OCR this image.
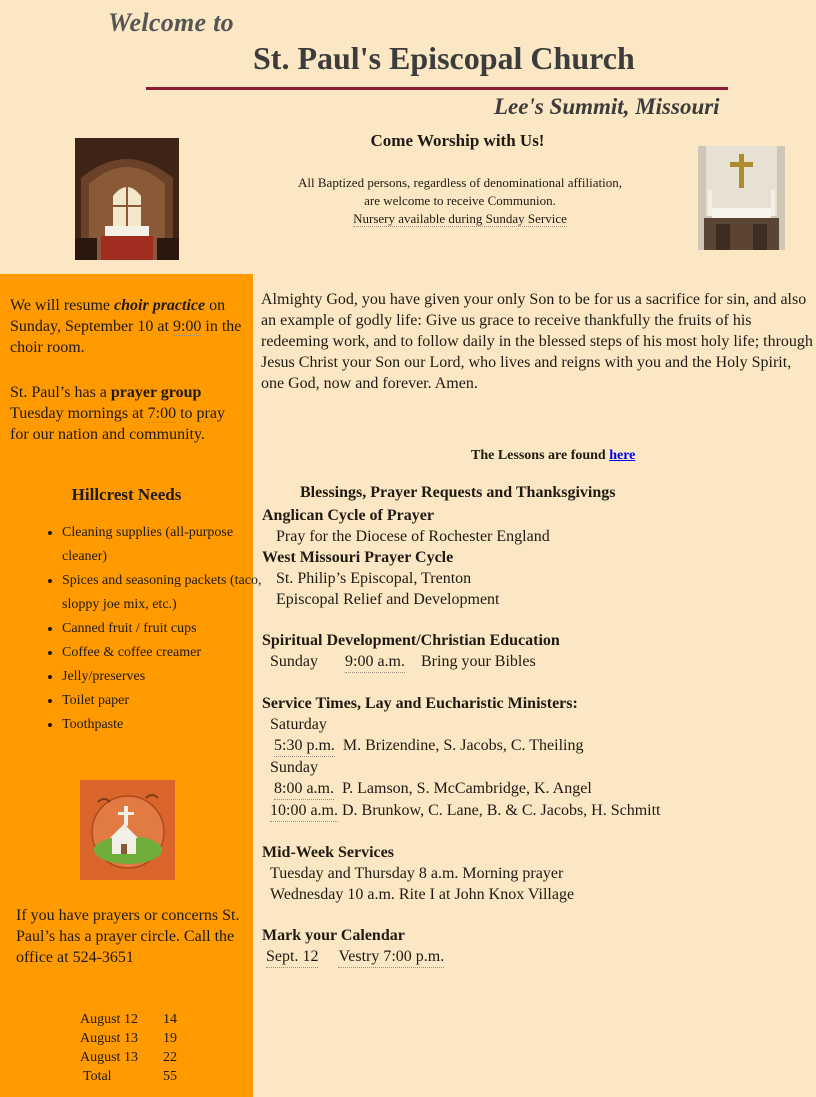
Welcome to
St. Paul's Episcopal Church
Lee's Summit, Missouri
Come Worship with Us!
All Baptized persons, regardless of denominational affiliation,
are welcome to receive Communion.
Nursery available during Sunday Service
We will resume choir practice on Sunday, September 10 at 9:00 in the choir room.
St. Paul’s has a prayer group Tuesday mornings at 7:00 to pray for our nation and community.
Hillcrest Needs
• Cleaning supplies (all-purpose cleaner)
• Spices and seasoning packets (taco, sloppy joe mix, etc.)
• Canned fruit / fruit cups
• Coffee & coffee creamer
• Jelly/preserves
• Toilet paper
• Toothpaste
If you have prayers or concerns St. Paul’s has a prayer circle. Call the office at 524-3651
August 12	14
August 13	19
August 13	22
Total	55
Almighty God, you have given your only Son to be for us a sacrifice for sin, and also an example of godly life: Give us grace to receive thankfully the fruits of his redeeming work, and to follow daily in the blessed steps of his most holy life; through Jesus Christ your Son our Lord, who lives and reigns with you and the Holy Spirit, one God, now and forever. Amen.
The Lessons are found here
Blessings, Prayer Requests and Thanksgivings
Anglican Cycle of Prayer
Pray for the Diocese of Rochester England
West Missouri Prayer Cycle
St. Philip’s Episcopal, Trenton
Episcopal Relief and Development
Spiritual Development/Christian Education
Sunday 9:00 a.m. Bring your Bibles
Service Times, Lay and Eucharistic Ministers:
Saturday
5:30 p.m. M. Brizendine, S. Jacobs, C. Theiling
Sunday
8:00 a.m. P. Lamson, S. McCambridge, K. Angel
10:00 a.m. D. Brunkow, C. Lane, B. & C. Jacobs, H. Schmitt
Mid-Week Services
Tuesday and Thursday 8 a.m. Morning prayer
Wednesday 10 a.m. Rite I at John Knox Village
Mark your Calendar
Sept. 12 Vestry 7:00 p.m.
